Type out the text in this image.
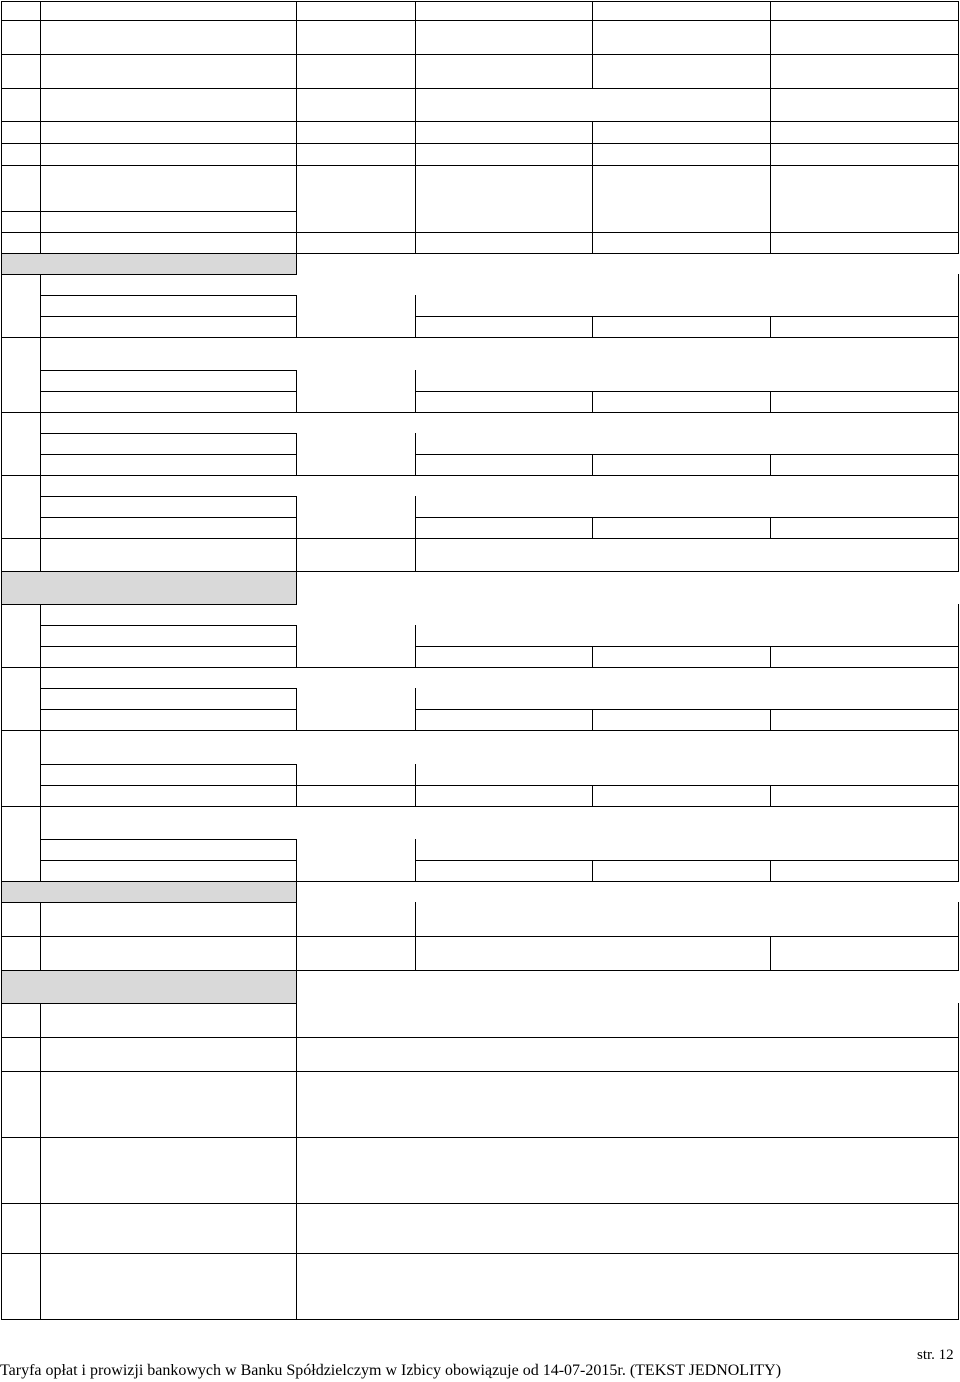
Taryfa opłat i prowizji bankowych w Banku Spółdzielczym w Izbicy obowiązuje od 14-07-2015r. (TEKST JEDNOLITY)
str. 12
